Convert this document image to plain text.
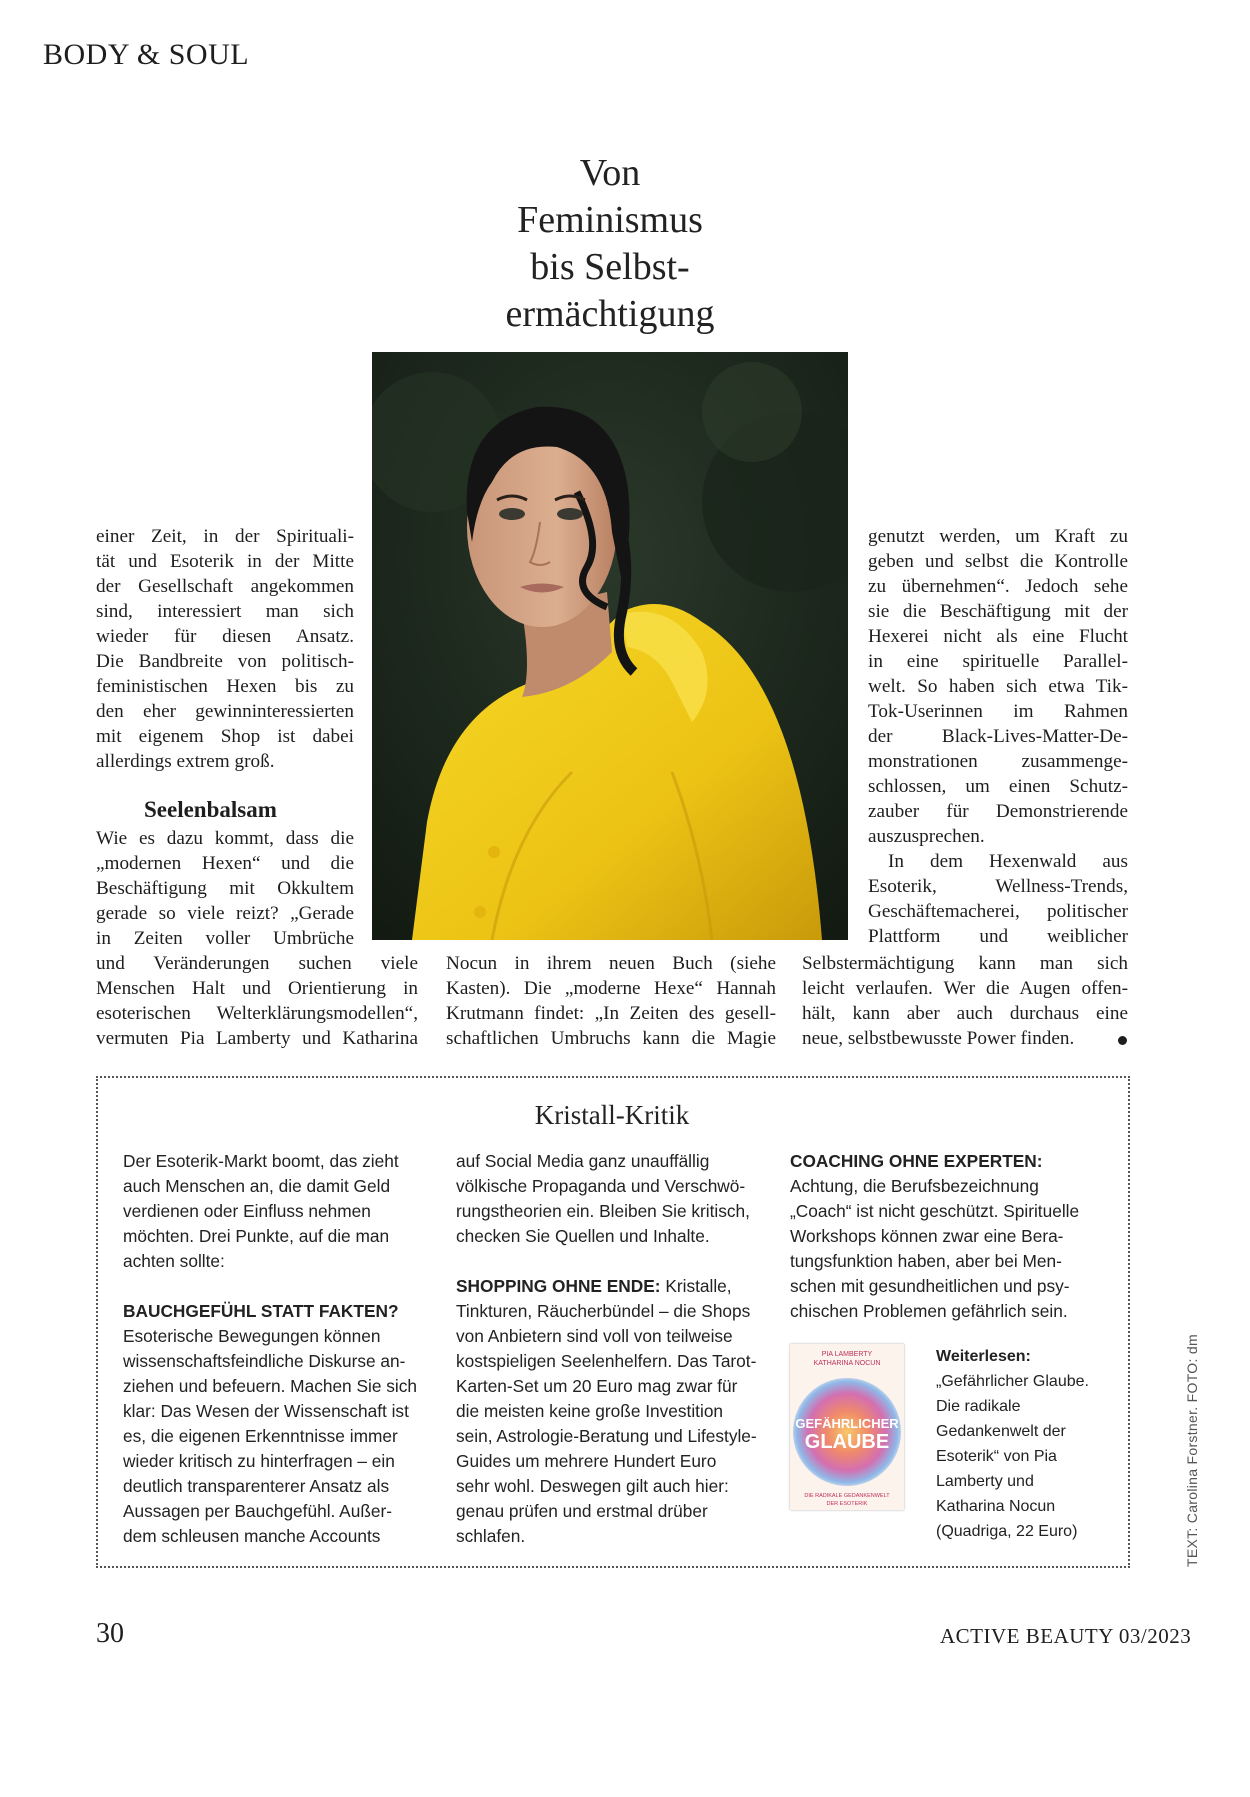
BODY & SOUL
Von
Feminismus
bis Selbst-
ermächtigung
einer Zeit, in der Spirituali-
tät und Esoterik in der Mitte
der Gesellschaft angekommen
sind, interessiert man sich
wieder für diesen Ansatz.
Die Bandbreite von politisch-
feministischen Hexen bis zu
den eher gewinninteressierten
mit eigenem Shop ist dabei
allerdings extrem groß.
Seelenbalsam
Wie es dazu kommt, dass die
„modernen Hexen“ und die
Beschäftigung mit Okkultem
gerade so viele reizt? „Gerade
in Zeiten voller Umbrüche
und Veränderungen suchen viele
Menschen Halt und Orientierung in
esoterischen Welterklärungsmodellen“,
vermuten Pia Lamberty und Katharina
Nocun in ihrem neuen Buch (siehe
Kasten). Die „moderne Hexe“ Hannah
Krutmann findet: „In Zeiten des gesell-
schaftlichen Umbruchs kann die Magie
genutzt werden, um Kraft zu
geben und selbst die Kontrolle
zu übernehmen“. Jedoch sehe
sie die Beschäftigung mit der
Hexerei nicht als eine Flucht
in eine spirituelle Parallel-
welt. So haben sich etwa Tik-
Tok-Userinnen im Rahmen
der Black-Lives-Matter-De-
monstrationen zusammenge-
schlossen, um einen Schutz-
zauber für Demonstrierende
auszusprechen.
In dem Hexenwald aus
Esoterik, Wellness-Trends,
Geschäftemacherei, politischer
Plattform und weiblicher
Selbstermächtigung kann man sich
leicht verlaufen. Wer die Augen offen-
hält, kann aber auch durchaus eine
neue, selbstbewusste Power finden.
Kristall-Kritik
Der Esoterik-Markt boomt, das zieht
auch Menschen an, die damit Geld
verdienen oder Einfluss nehmen
möchten. Drei Punkte, auf die man
achten sollte:
BAUCHGEFÜHL STATT FAKTEN?
Esoterische Bewegungen können
wissenschaftsfeindliche Diskurse an-
ziehen und befeuern. Machen Sie sich
klar: Das Wesen der Wissenschaft ist
es, die eigenen Erkenntnisse immer
wieder kritisch zu hinterfragen – ein
deutlich transparenterer Ansatz als
Aussagen per Bauchgefühl. Außer-
dem schleusen manche Accounts
auf Social Media ganz unauffällig
völkische Propaganda und Verschwö-
rungstheorien ein. Bleiben Sie kritisch,
checken Sie Quellen und Inhalte.
SHOPPING OHNE ENDE: Kristalle,
Tinkturen, Räucherbündel – die Shops
von Anbietern sind voll von teilweise
kostspieligen Seelenhelfern. Das Tarot-
Karten-Set um 20 Euro mag zwar für
die meisten keine große Investition
sein, Astrologie-Beratung und Lifestyle-
Guides um mehrere Hundert Euro
sehr wohl. Deswegen gilt auch hier:
genau prüfen und erstmal drüber
schlafen.
COACHING OHNE EXPERTEN:
Achtung, die Berufsbezeichnung
„Coach“ ist nicht geschützt. Spirituelle
Workshops können zwar eine Bera-
tungsfunktion haben, aber bei Men-
schen mit gesundheitlichen und psy-
chischen Problemen gefährlich sein.
PIA LAMBERTY
KATHARINA NOCUN
GEFÄHRLICHER
GLAUBE
DIE RADIKALE GEDANKENWELT
DER ESOTERIK
Weiterlesen:
„Gefährlicher Glaube.
Die radikale
Gedankenwelt der
Esoterik“ von Pia
Lamberty und
Katharina Nocun
(Quadriga, 22 Euro)	TEXT: Carolina Forstner. FOTO: dm
30	ACTIVE BEAUTY 03/2023
